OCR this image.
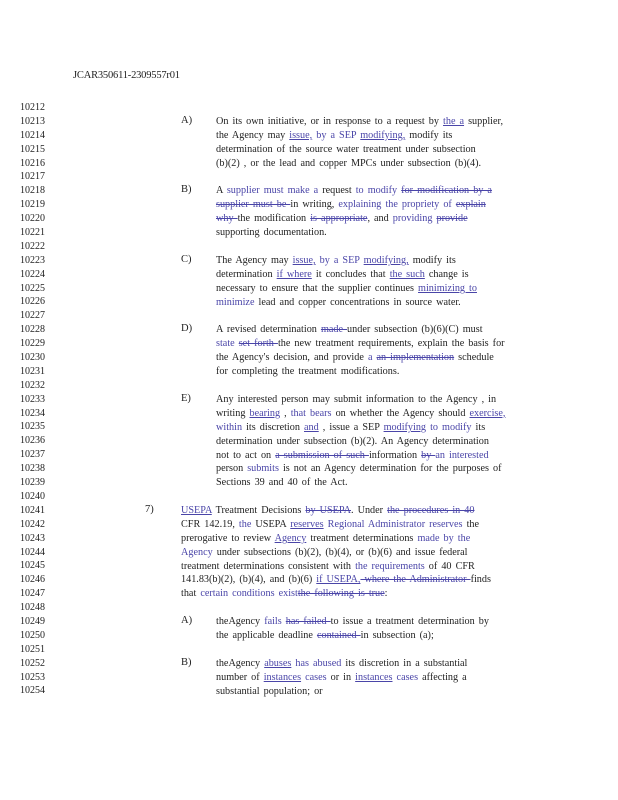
JCAR350611-2309557r01
10212
10213
10214
10215
10216
10217
10218
10219
10220
10221
10222
10223
10224
10225
10226
10227
10228
10229
10230
10231
10232
10233
10234
10235
10236
10237
10238
10239
10240
10241
10242
10243
10244
10245
10246
10247
10248
10249
10250
10251
10252
10253
10254
A) On its own initiative, or in response to a request by the a supplier,
the Agency may issue, by a SEP modifying, modify its
determination of the source water treatment under subsection
(b)(2) , or the lead and copper MPCs under subsection (b)(4).
B) A supplier must make a request to modify for modification by a
supplier must be in writing, explaining the propriety of explain
why the modification is appropriate, and providing provide
supporting documentation.
C) The Agency may issue, by a SEP modifying, modify its
determination if where it concludes that the such change is
necessary to ensure that the supplier continues minimizing to
minimize lead and copper concentrations in source water.
D) A revised determination made under subsection (b)(6)(C) must
state set forth the new treatment requirements, explain the basis for
the Agency's decision, and provide a an implementation schedule
for completing the treatment modifications.
E) Any interested person may submit information to the Agency , in
writing bearing , that bears on whether the Agency should exercise,
within its discretion and , issue a SEP modifying to modify its
determination under subsection (b)(2). An Agency determination
not to act on a submission of such information by an interested
person submits is not an Agency determination for the purposes of
Sections 39 and 40 of the Act.
7)	USEPA Treatment Decisions by USEPA. Under the procedures in 40
CFR 142.19, the USEPA reserves Regional Administrator reserves the
prerogative to review Agency treatment determinations made by the
Agency under subsections (b)(2), (b)(4), or (b)(6) and issue federal
treatment determinations consistent with the requirements of 40 CFR
141.83(b)(2), (b)(4), and (b)(6) if USEPA, where the Administrator finds
that certain conditions existthe following is true:
A) theAgency fails has failed to issue a treatment determination by
the applicable deadline contained in subsection (a);
B) theAgency abuses has abused its discretion in a substantial
number of instances cases or in instances cases affecting a
substantial population; or
